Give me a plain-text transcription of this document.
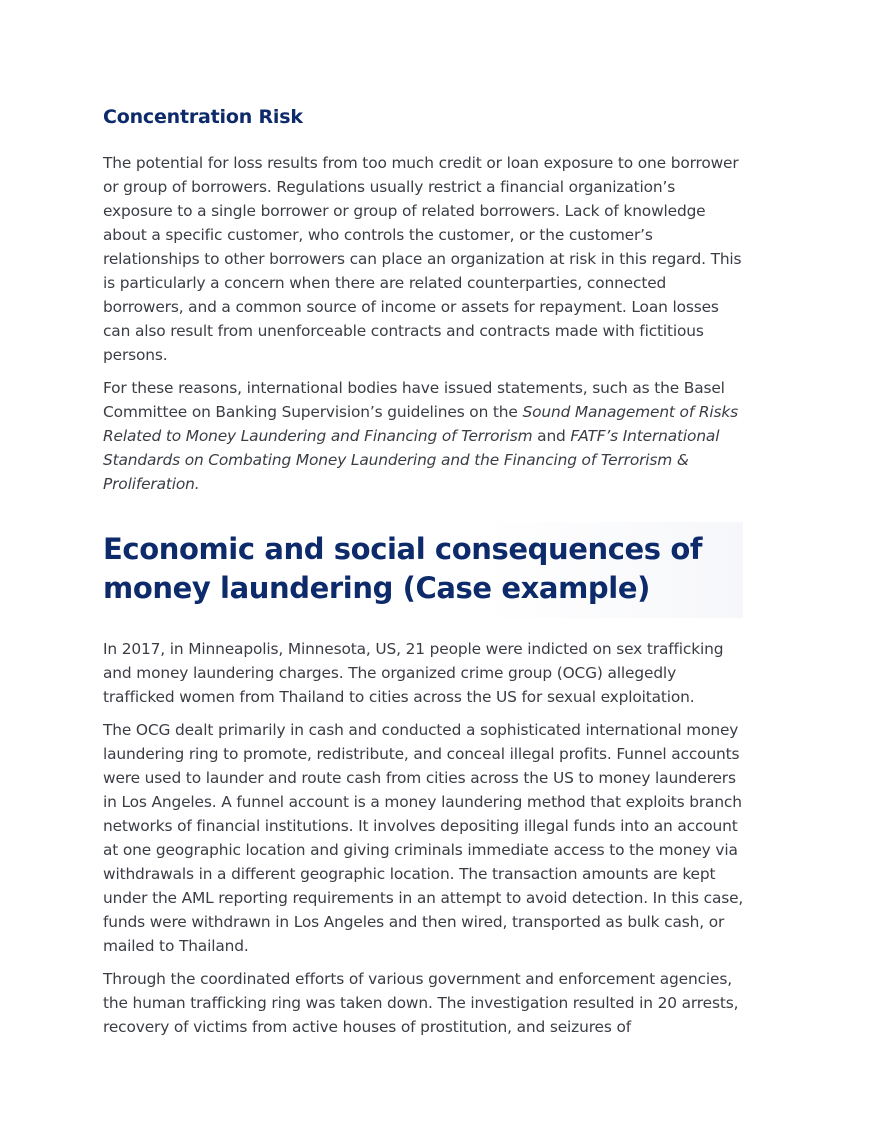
Concentration Risk

The potential for loss results from too much credit or loan exposure to one borrower or group of borrowers. Regulations usually restrict a financial organization’s exposure to a single borrower or group of related borrowers. Lack of knowledge about a specific customer, who controls the customer, or the customer’s relationships to other borrowers can place an organization at risk in this regard. This is particularly a concern when there are related counterparties, connected borrowers, and a common source of income or assets for repayment. Loan losses can also result from unenforceable contracts and contracts made with fictitious persons.

For these reasons, international bodies have issued statements, such as the Basel Committee on Banking Supervision’s guidelines on the Sound Management of Risks Related to Money Laundering and Financing of Terrorism and FATF’s International Standards on Combating Money Laundering and the Financing of Terrorism & Proliferation.

Economic and social consequences of money laundering (Case example)

In 2017, in Minneapolis, Minnesota, US, 21 people were indicted on sex trafficking and money laundering charges. The organized crime group (OCG) allegedly trafficked women from Thailand to cities across the US for sexual exploitation.

The OCG dealt primarily in cash and conducted a sophisticated international money laundering ring to promote, redistribute, and conceal illegal profits. Funnel accounts were used to launder and route cash from cities across the US to money launderers in Los Angeles. A funnel account is a money laundering method that exploits branch networks of financial institutions. It involves depositing illegal funds into an account at one geographic location and giving criminals immediate access to the money via withdrawals in a different geographic location. The transaction amounts are kept under the AML reporting requirements in an attempt to avoid detection. In this case, funds were withdrawn in Los Angeles and then wired, transported as bulk cash, or mailed to Thailand.

Through the coordinated efforts of various government and enforcement agencies, the human trafficking ring was taken down. The investigation resulted in 20 arrests, recovery of victims from active houses of prostitution, and seizures of
